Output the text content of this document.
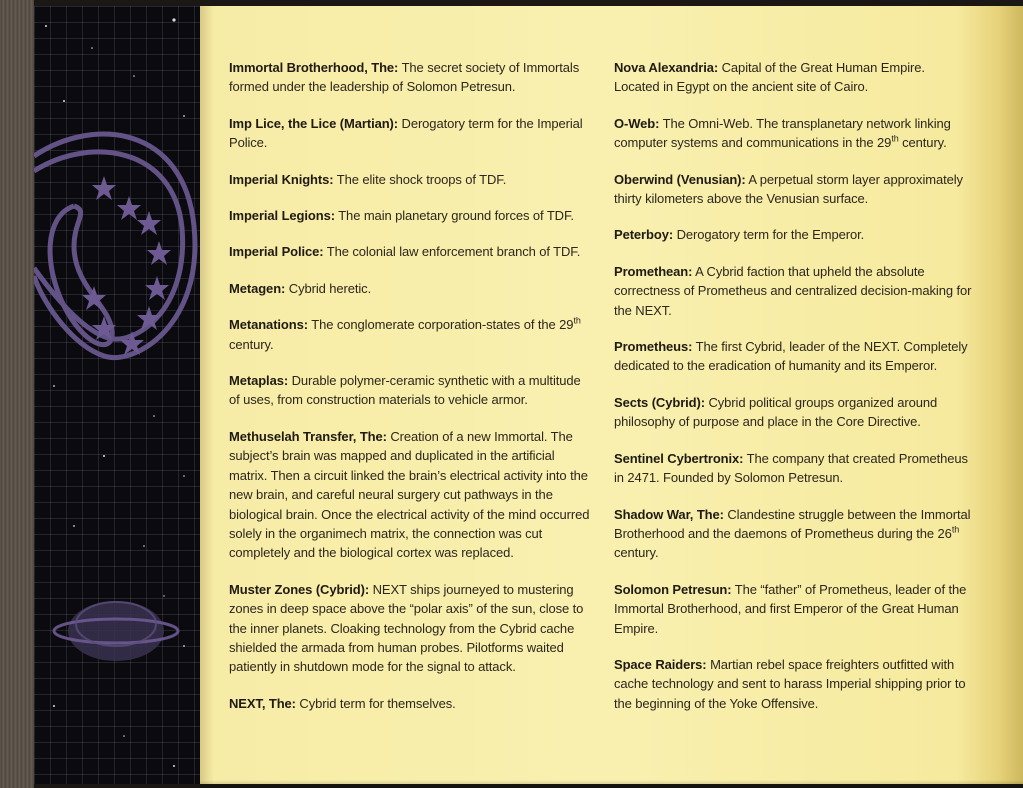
Immortal Brotherhood, The: The secret society of Immortals formed under the leadership of Solomon Petresun.
Imp Lice, the Lice (Martian): Derogatory term for the Imperial Police.
Imperial Knights: The elite shock troops of TDF.
Imperial Legions: The main planetary ground forces of TDF.
Imperial Police: The colonial law enforcement branch of TDF.
Metagen: Cybrid heretic.
Metanations: The conglomerate corporation-states of the 29th century.
Metaplas: Durable polymer-ceramic synthetic with a multitude of uses, from construction materials to vehicle armor.
Methuselah Transfer, The: Creation of a new Immortal. The subject’s brain was mapped and duplicated in the artificial matrix. Then a circuit linked the brain’s electrical activity into the new brain, and careful neural surgery cut pathways in the biological brain. Once the electrical activity of the mind occurred solely in the organimech matrix, the connection was cut completely and the biological cortex was replaced.
Muster Zones (Cybrid): NEXT ships journeyed to mustering zones in deep space above the “polar axis” of the sun, close to the inner planets. Cloaking technology from the Cybrid cache shielded the armada from human probes. Pilotforms waited patiently in shutdown mode for the signal to attack.
NEXT, The: Cybrid term for themselves.
Nova Alexandria: Capital of the Great Human Empire. Located in Egypt on the ancient site of Cairo.
O-Web: The Omni-Web. The transplanetary network linking computer systems and communications in the 29th century.
Oberwind (Venusian): A perpetual storm layer approximately thirty kilometers above the Venusian surface.
Peterboy: Derogatory term for the Emperor.
Promethean: A Cybrid faction that upheld the absolute correctness of Prometheus and centralized decision-making for the NEXT.
Prometheus: The first Cybrid, leader of the NEXT. Completely dedicated to the eradication of humanity and its Emperor.
Sects (Cybrid): Cybrid political groups organized around philosophy of purpose and place in the Core Directive.
Sentinel Cybertronix: The company that created Prometheus in 2471. Founded by Solomon Petresun.
Shadow War, The: Clandestine struggle between the Immortal Brotherhood and the daemons of Prometheus during the 26th century.
Solomon Petresun: The “father” of Prometheus, leader of the Immortal Brotherhood, and first Emperor of the Great Human Empire.
Space Raiders: Martian rebel space freighters outfitted with cache technology and sent to harass Imperial shipping prior to the beginning of the Yoke Offensive.
